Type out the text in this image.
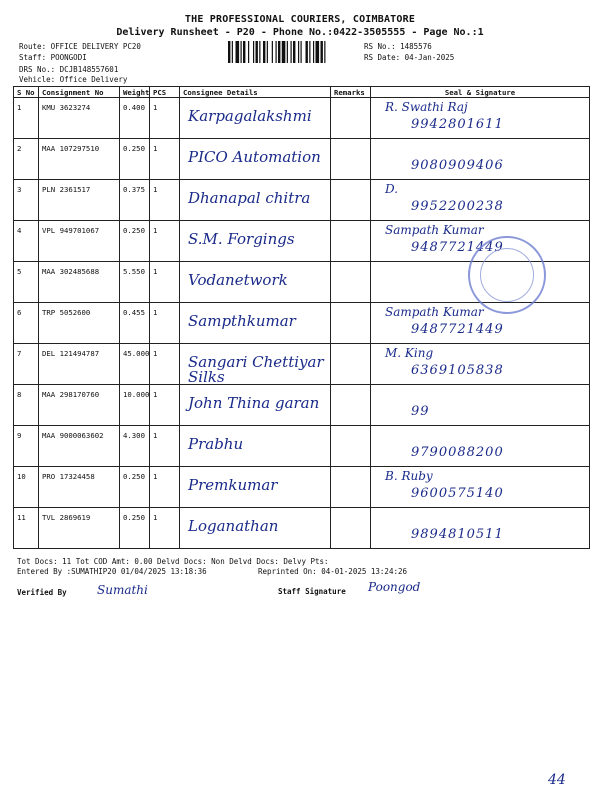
THE PROFESSIONAL COURIERS, COIMBATORE
Delivery Runsheet - P20 - Phone No.:0422-3505555 - Page No.:1
Route: OFFICE DELIVERY PC20
Staff: POONGODI
DRS No.: DCJB148557601
Vehicle: Office Delivery
RS No.: 1485576
RS Date: 04-Jan-2025
S No	Consignment No	Weight	PCS	Consignee Details	Remarks	Seal & Signature
1	KMU 3623274	0.400	1	Karpagalakshmi		R. Swathi Raj
9942801611

2	MAA 107297510	0.250	1	PICO Automation		9080909406

3	PLN 2361517	0.375	1	Dhanapal chitra		D.
9952200238

4	VPL 949701067	0.250	1	S.M. Forgings		Sampath Kumar
9487721449

5	MAA 302485688	5.550	1	Vodanetwork		

6	TRP 5052600	0.455	1	Sampthkumar		Sampath Kumar
9487721449

7	DEL 121494787	45.000	1	Sangari Chettiyar Silks		M. King
6369105838

8	MAA 298170760	10.000	1	John Thina garan		99

9	MAA 9000063602	4.300	1	Prabhu		9790088200

10	PRO 17324458	0.250	1	Premkumar		B. Ruby
9600575140

11	TVL 2869619	0.250	1	Loganathan		9894810511
Tot Docs: 11 Tot COD Amt: 0.00 Delvd Docs: Non Delvd Docs: Delvy Pts:
Entered By :SUMATHIP20 01/04/2025 13:18:36	Reprinted On: 04-01-2025 13:24:26
Verified By	Sumathi	Staff Signature Poongod
44
